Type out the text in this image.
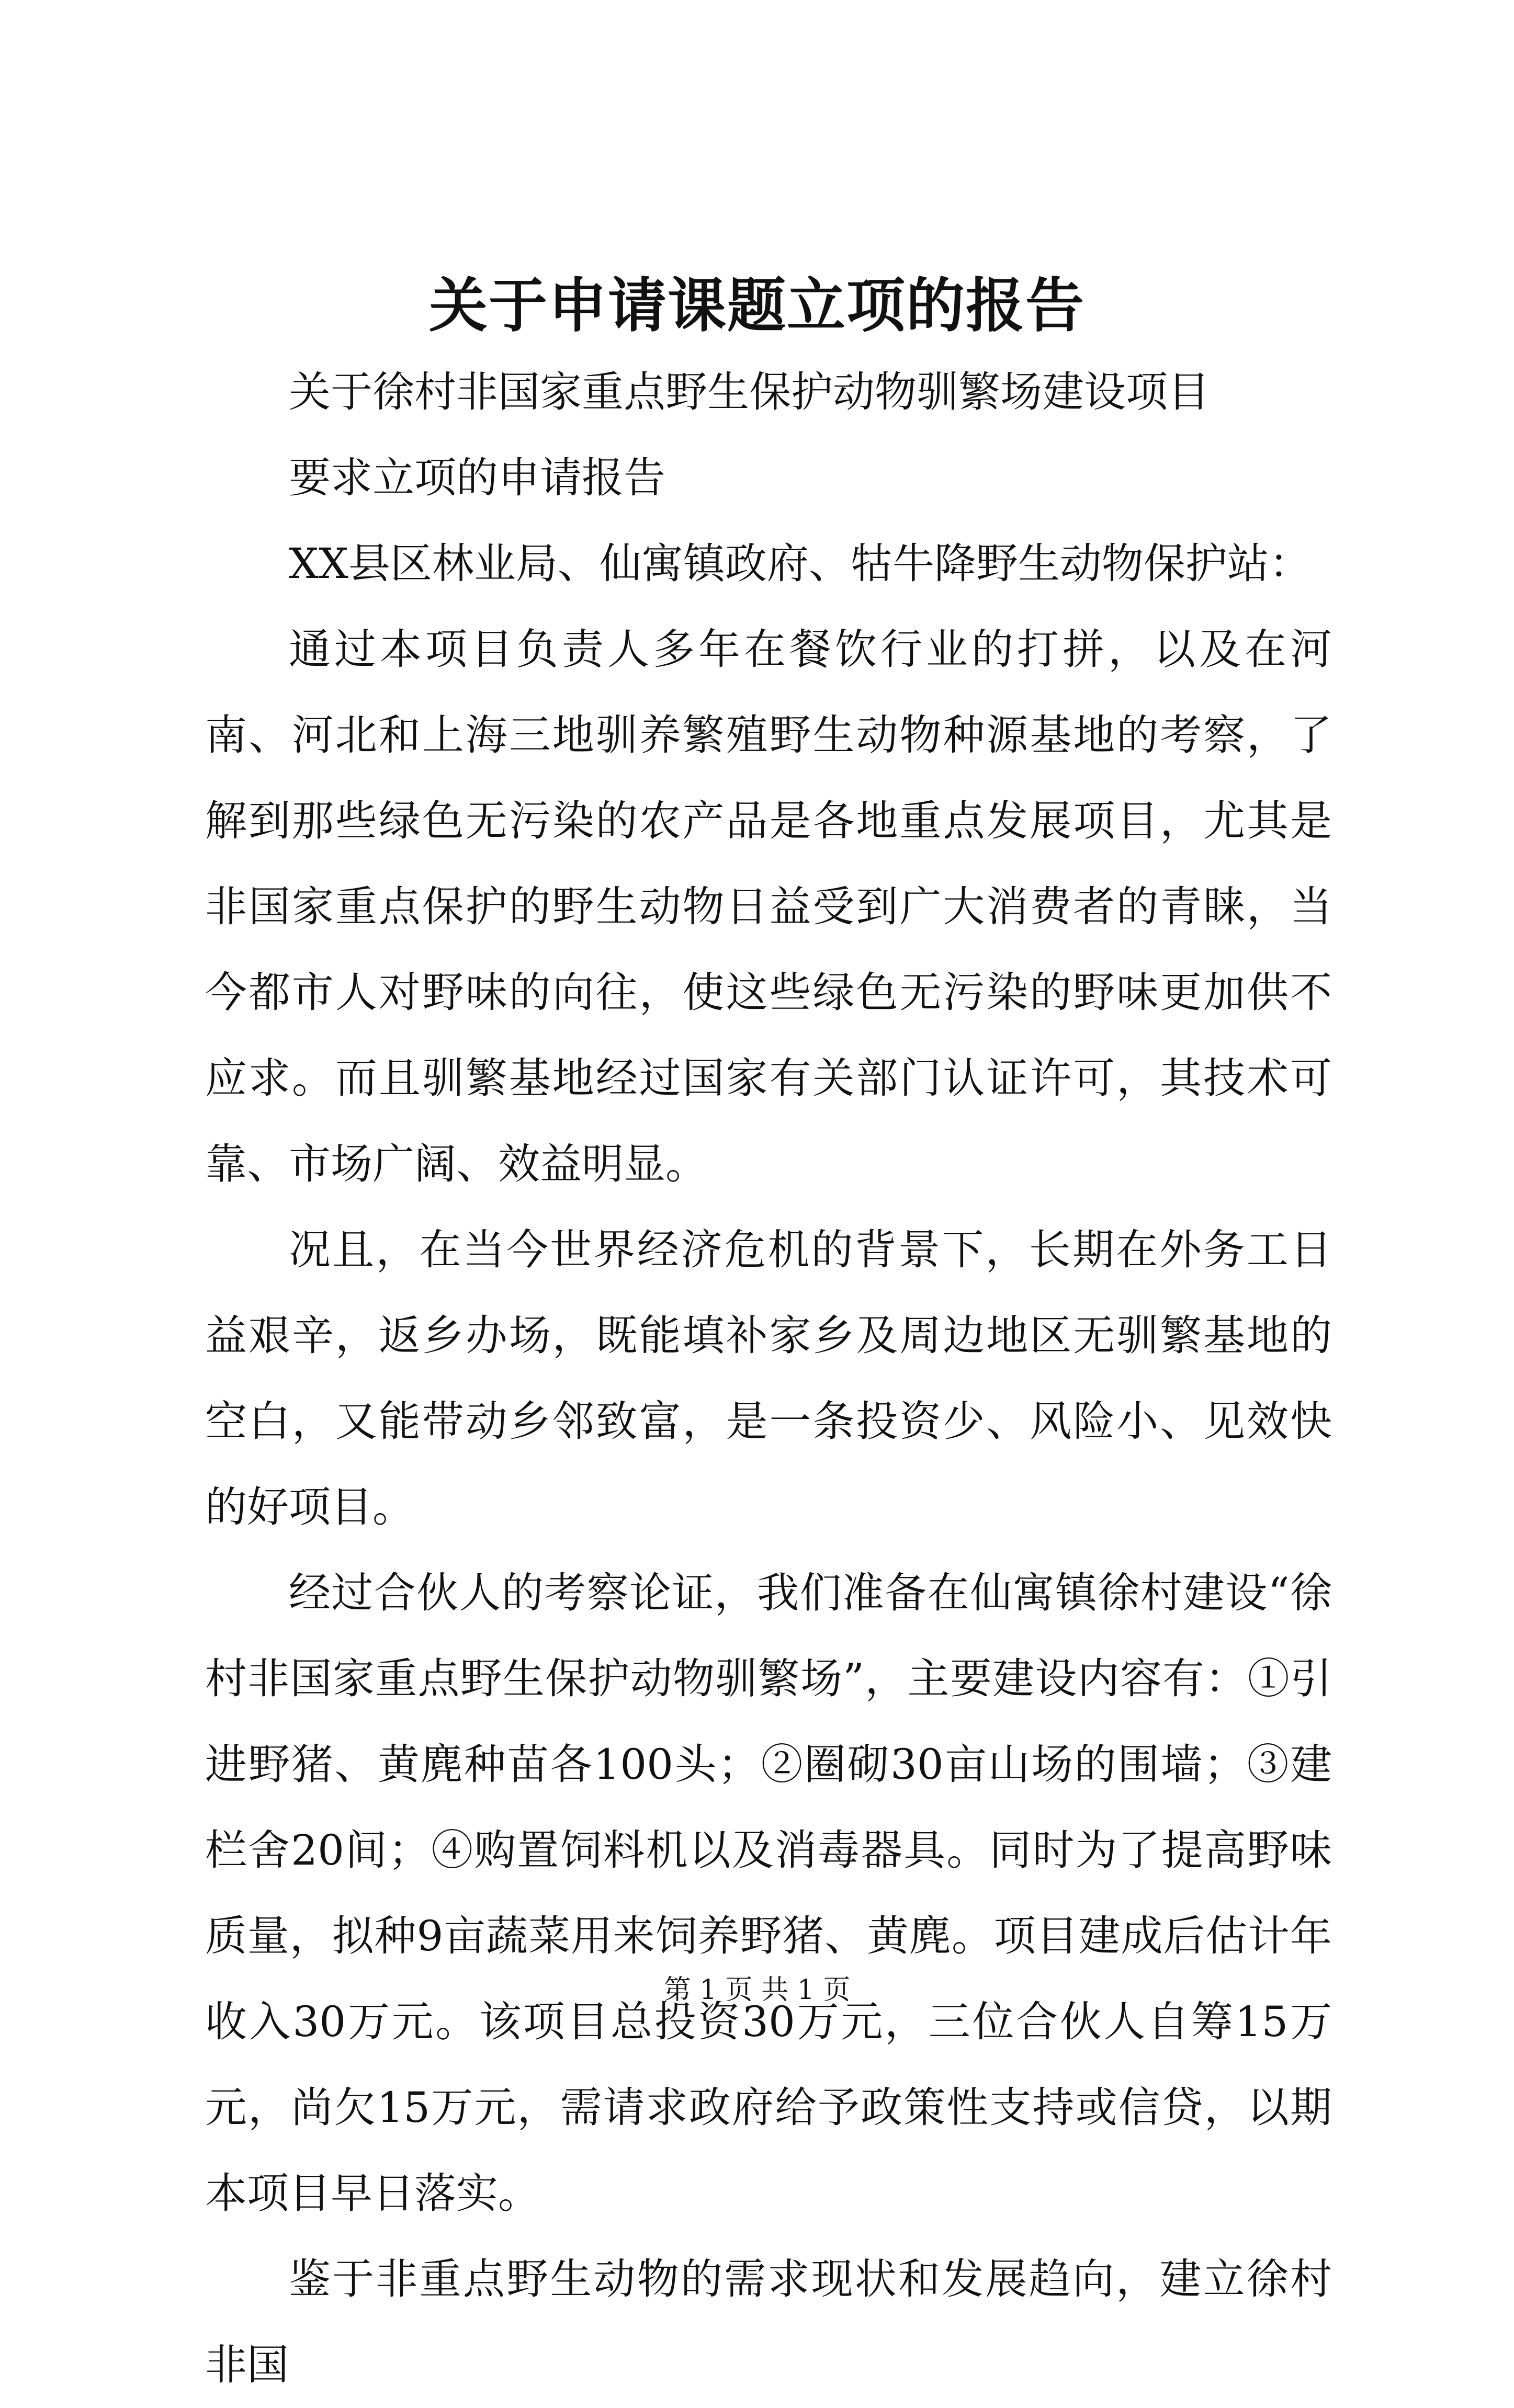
关于申请课题立项的报告

关于徐村非国家重点野生保护动物驯繁场建设项目

要求立项的申请报告

XX县区林业局、仙寓镇政府、牯牛降野生动物保护站：

通过本项目负责人多年在餐饮行业的打拼，以及在河南、河北和上海三地驯养繁殖野生动物种源基地的考察，了解到那些绿色无污染的农产品是各地重点发展项目，尤其是非国家重点保护的野生动物日益受到广大消费者的青睐，当今都市人对野味的向往，使这些绿色无污染的野味更加供不应求。而且驯繁基地经过国家有关部门认证许可，其技术可靠、市场广阔、效益明显。

况且，在当今世界经济危机的背景下，长期在外务工日益艰辛，返乡办场，既能填补家乡及周边地区无驯繁基地的空白，又能带动乡邻致富，是一条投资少、风险小、见效快的好项目。

经过合伙人的考察论证，我们准备在仙寓镇徐村建设“徐村非国家重点野生保护动物驯繁场”，主要建设内容有：①引进野猪、黄麂种苗各100头；②圈砌30亩山场的围墙；③建栏舍20间；④购置饲料机以及消毒器具。同时为了提高野味质量，拟种9亩蔬菜用来饲养野猪、黄麂。项目建成后估计年收入30万元。该项目总投资30万元，三位合伙人自筹15万元，尚欠15万元，需请求政府给予政策性支持或信贷，以期本项目早日落实。

鉴于非重点野生动物的需求现状和发展趋向，建立徐村非国

第 1 页 共 1 页
